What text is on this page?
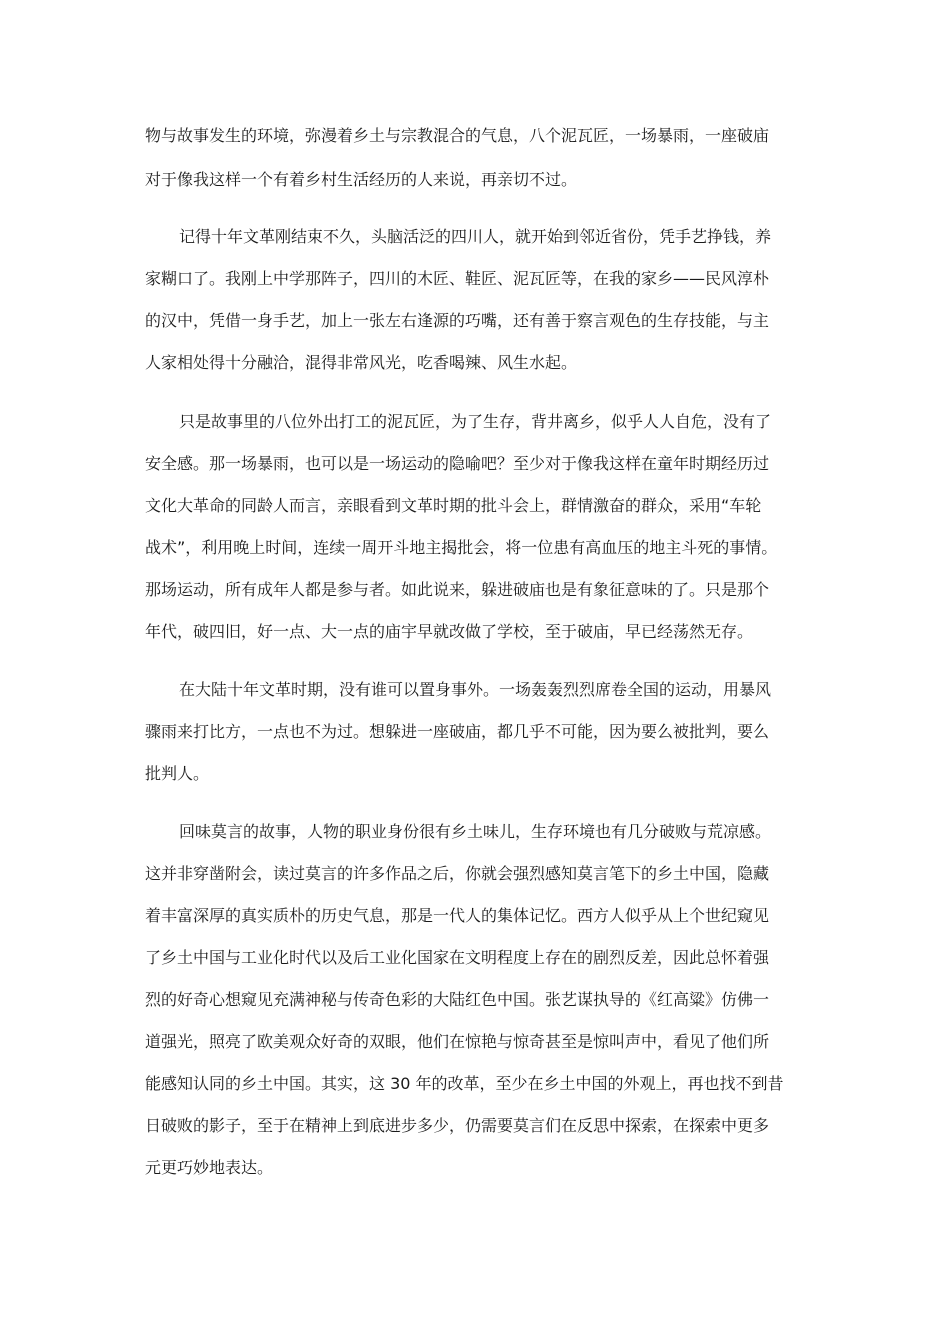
物与故事发生的环境，弥漫着乡土与宗教混合的气息，八个泥瓦匠，一场暴雨，一座破庙
对于像我这样一个有着乡村生活经历的人来说，再亲切不过。
记得十年文革刚结束不久，头脑活泛的四川人，就开始到邻近省份，凭手艺挣钱，养
家糊口了。我刚上中学那阵子，四川的木匠、鞋匠、泥瓦匠等，在我的家乡——民风淳朴
的汉中，凭借一身手艺，加上一张左右逢源的巧嘴，还有善于察言观色的生存技能，与主
人家相处得十分融洽，混得非常风光，吃香喝辣、风生水起。
只是故事里的八位外出打工的泥瓦匠，为了生存，背井离乡，似乎人人自危，没有了
安全感。那一场暴雨，也可以是一场运动的隐喻吧？至少对于像我这样在童年时期经历过
文化大革命的同龄人而言，亲眼看到文革时期的批斗会上，群情激奋的群众，采用“车轮
战术”，利用晚上时间，连续一周开斗地主揭批会，将一位患有高血压的地主斗死的事情。
那场运动，所有成年人都是参与者。如此说来，躲进破庙也是有象征意味的了。只是那个
年代，破四旧，好一点、大一点的庙宇早就改做了学校，至于破庙，早已经荡然无存。
在大陆十年文革时期，没有谁可以置身事外。一场轰轰烈烈席卷全国的运动，用暴风
骤雨来打比方，一点也不为过。想躲进一座破庙，都几乎不可能，因为要么被批判，要么
批判人。
回味莫言的故事，人物的职业身份很有乡土味儿，生存环境也有几分破败与荒凉感。
这并非穿凿附会，读过莫言的许多作品之后，你就会强烈感知莫言笔下的乡土中国，隐藏
着丰富深厚的真实质朴的历史气息，那是一代人的集体记忆。西方人似乎从上个世纪窥见
了乡土中国与工业化时代以及后工业化国家在文明程度上存在的剧烈反差，因此总怀着强
烈的好奇心想窥见充满神秘与传奇色彩的大陆红色中国。张艺谋执导的《红高粱》仿佛一
道强光，照亮了欧美观众好奇的双眼，他们在惊艳与惊奇甚至是惊叫声中，看见了他们所
能感知认同的乡土中国。其实，这 30 年的改革，至少在乡土中国的外观上，再也找不到昔
日破败的影子，至于在精神上到底进步多少，仍需要莫言们在反思中探索，在探索中更多
元更巧妙地表达。
